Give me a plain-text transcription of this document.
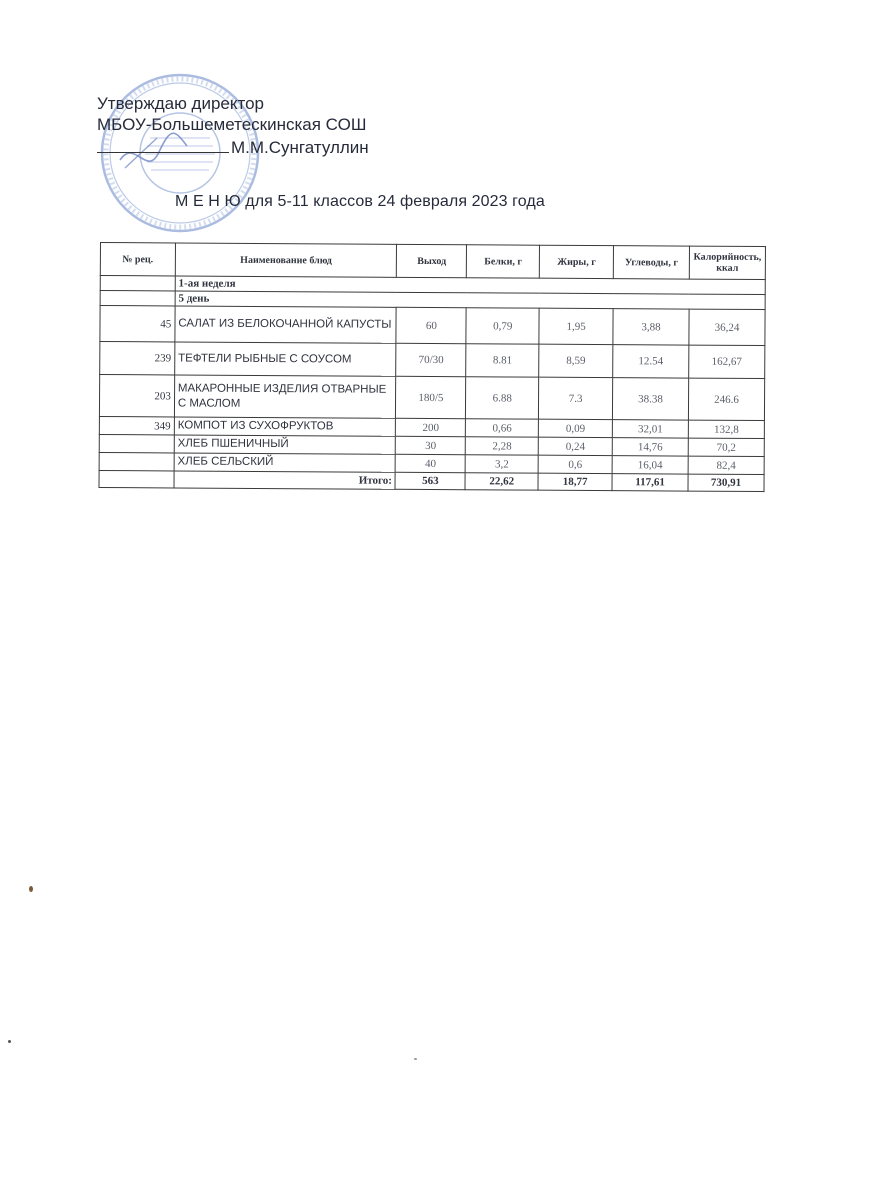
Утверждаю директор
МБОУ-Большеметескинская СОШ
М.М.Сунгатуллин
М Е Н Ю для 5-11 классов 24 февраля 2023 года
№ рец.	Наименование блюд	Выход	Белки, г	Жиры, г	Углеводы, г	Калорийность, ккал
	1-ая неделя					
	5 день					
45	САЛАТ ИЗ БЕЛОКОЧАННОЙ КАПУСТЫ	60	0,79	1,95	3,88	36,24
239	ТЕФТЕЛИ РЫБНЫЕ С СОУСОМ	70/30	8.81	8,59	12.54	162,67
203	МАКАРОННЫЕ ИЗДЕЛИЯ ОТВАРНЫЕ С МАСЛОМ	180/5	6.88	7.3	38.38	246.6
349	КОМПОТ ИЗ СУХОФРУКТОВ	200	0,66	0,09	32,01	132,8
	ХЛЕБ ПШЕНИЧНЫЙ	30	2,28	0,24	14,76	70,2
	ХЛЕБ СЕЛЬСКИЙ	40	3,2	0,6	16,04	82,4
	Итого:	563	22,62	18,77	117,61	730,91
